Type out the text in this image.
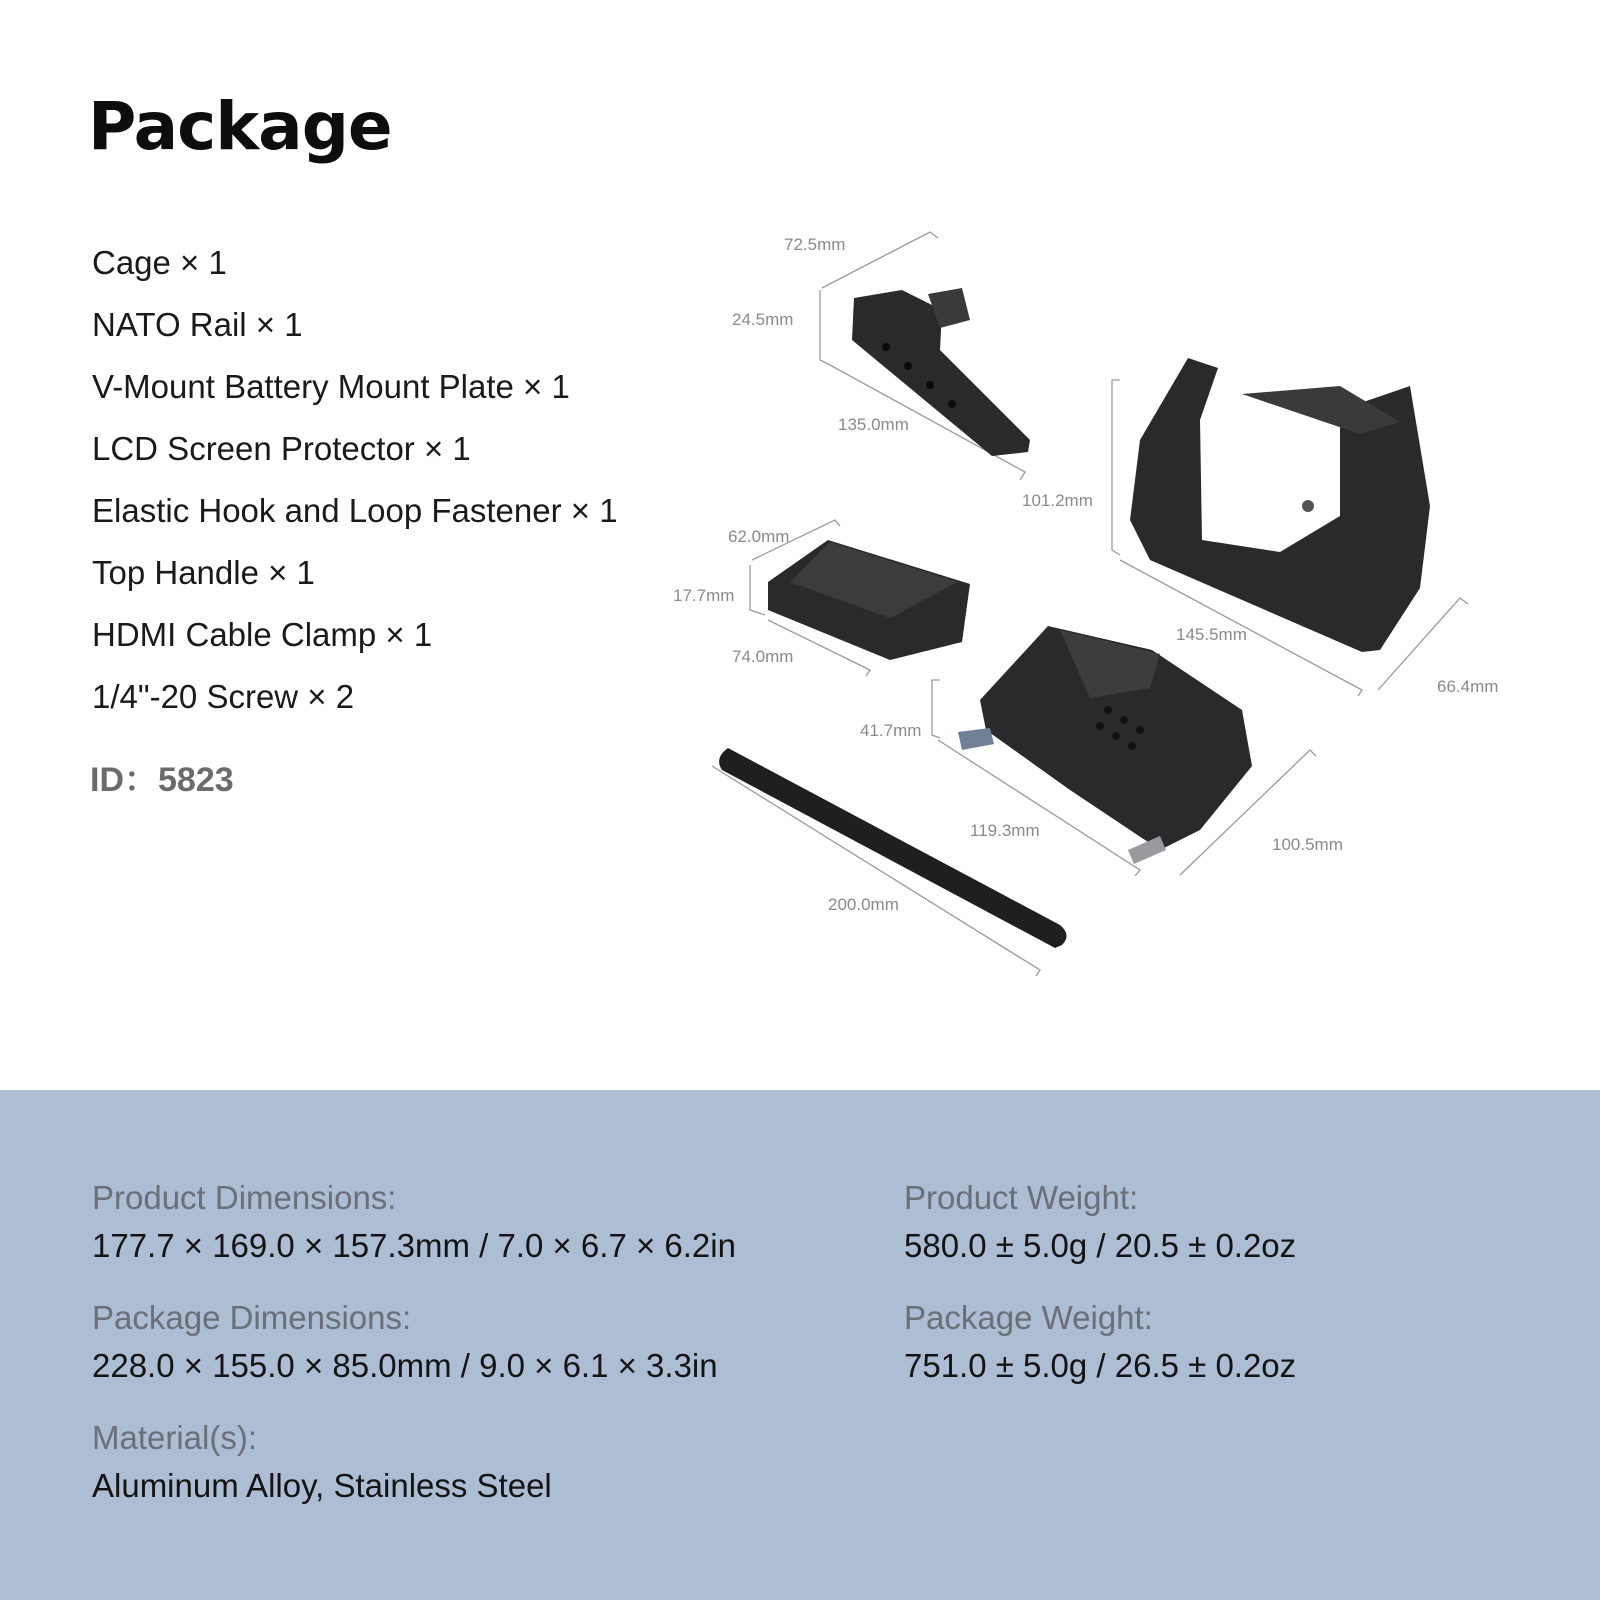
Package
Cage × 1
NATO Rail × 1
V-Mount Battery Mount Plate × 1
LCD Screen Protector × 1
Elastic Hook and Loop Fastener × 1
Top Handle × 1
HDMI Cable Clamp × 1
1/4"-20 Screw × 2
ID：5823
72.5mm
24.5mm
135.0mm
101.2mm
145.5mm
66.4mm
62.0mm
17.7mm
74.0mm
41.7mm
119.3mm
100.5mm
200.0mm
Product Dimensions:
177.7 × 169.0 × 157.3mm / 7.0 × 6.7 × 6.2in
Package Dimensions:
228.0 × 155.0 × 85.0mm / 9.0 × 6.1 × 3.3in
Material(s):
Aluminum Alloy, Stainless Steel
Product Weight:
580.0 ± 5.0g / 20.5 ± 0.2oz
Package Weight:
751.0 ± 5.0g / 26.5 ± 0.2oz
